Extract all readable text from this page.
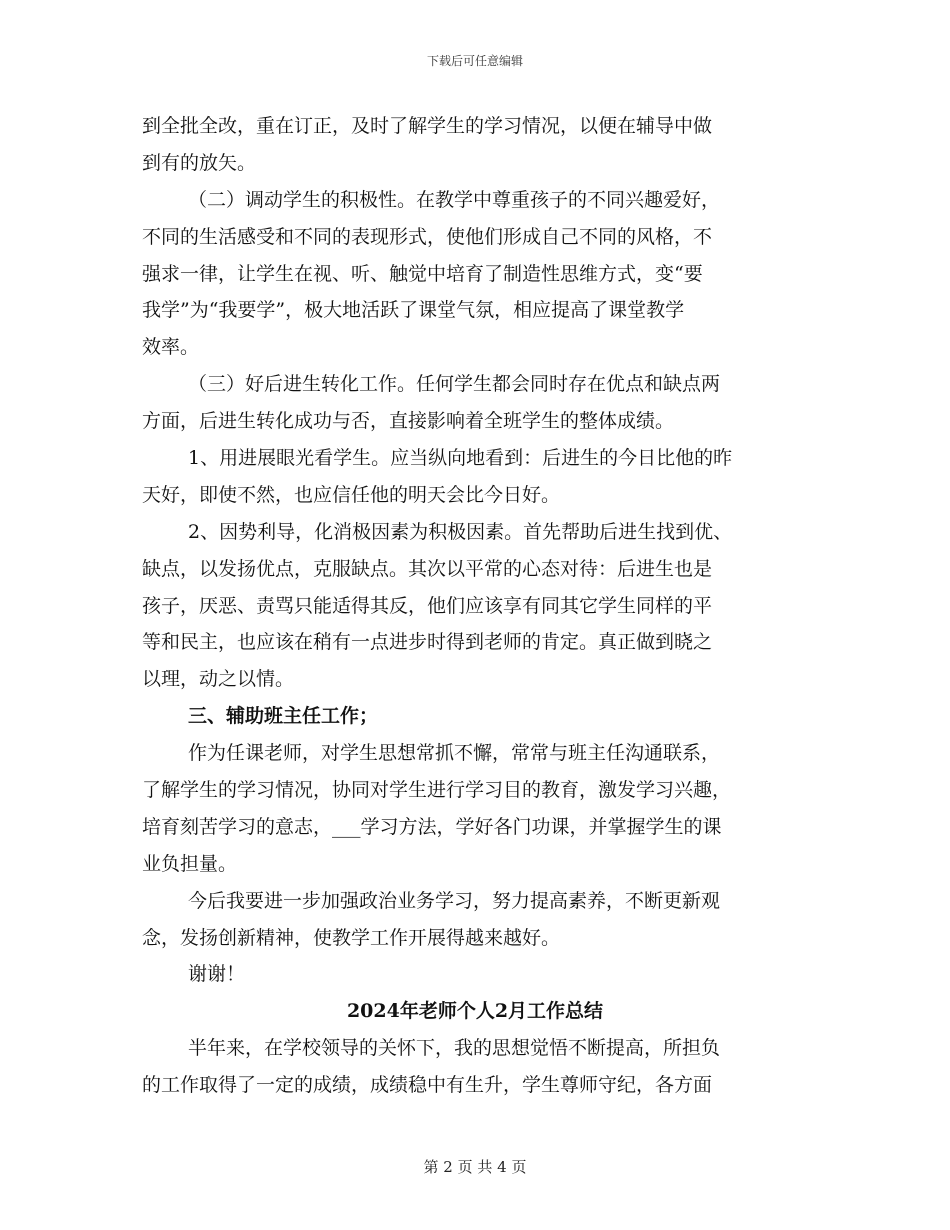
下载后可任意编辑
到全批全改，重在订正，及时了解学生的学习情况，以便在辅导中做
到有的放矢。
（二）调动学生的积极性。在教学中尊重孩子的不同兴趣爱好，
不同的生活感受和不同的表现形式，使他们形成自己不同的风格，不
强求一律，让学生在视、听、触觉中培育了制造性思维方式，变“要
我学”为“我要学”，极大地活跃了课堂气氛，相应提高了课堂教学
效率。
（三）好后进生转化工作。任何学生都会同时存在优点和缺点两
方面，后进生转化成功与否，直接影响着全班学生的整体成绩。
1、用进展眼光看学生。应当纵向地看到：后进生的今日比他的昨
天好，即使不然，也应信任他的明天会比今日好。
2、因势利导，化消极因素为积极因素。首先帮助后进生找到优、
缺点，以发扬优点，克服缺点。其次以平常的心态对待：后进生也是
孩子，厌恶、责骂只能适得其反，他们应该享有同其它学生同样的平
等和民主，也应该在稍有一点进步时得到老师的肯定。真正做到晓之
以理，动之以情。
三、辅助班主任工作；
作为任课老师，对学生思想常抓不懈，常常与班主任沟通联系，
了解学生的学习情况，协同对学生进行学习目的教育，激发学习兴趣，
培育刻苦学习的意志，___学习方法，学好各门功课，并掌握学生的课
业负担量。
今后我要进一步加强政治业务学习，努力提高素养，不断更新观
念，发扬创新精神，使教学工作开展得越来越好。
谢谢！
2024年老师个人2月工作总结
半年来，在学校领导的关怀下，我的思想觉悟不断提高，所担负
的工作取得了一定的成绩，成绩稳中有生升，学生尊师守纪，各方面
第 2 页 共 4 页
